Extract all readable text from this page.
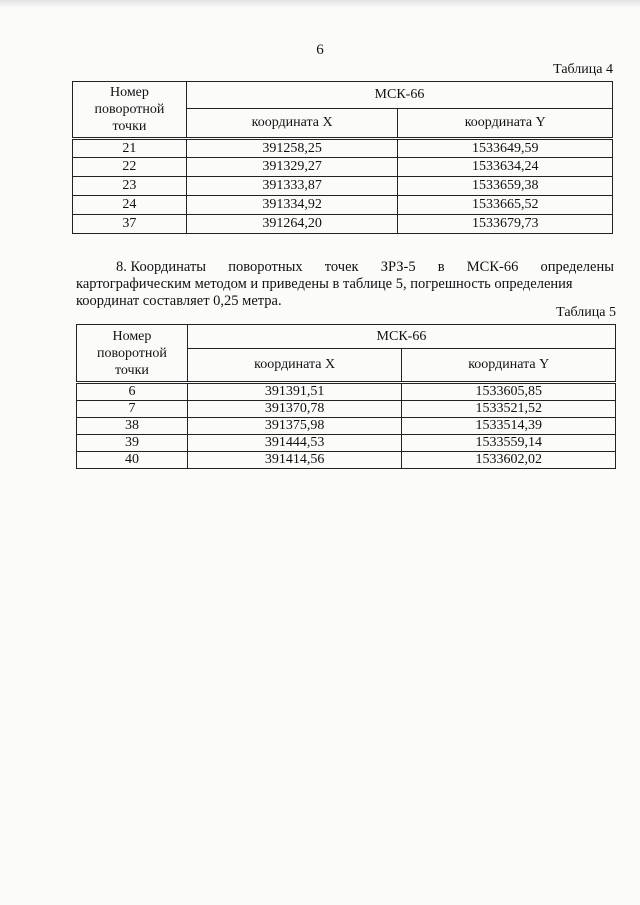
6
Таблица 4
Номер
поворотной
точки	МСК-66	
	координата X	координата Y
21	391258,25	1533649,59
22	391329,27	1533634,24
23	391333,87	1533659,38
24	391334,92	1533665,52
37	391264,20	1533679,73
8. Координаты поворотных точек ЗРЗ-5 в МСК-66 определены
картографическим методом и приведены в таблице 5, погрешность определения
координат составляет 0,25 метра.
Таблица 5
Номер
поворотной
точки	МСК-66	
	координата X	координата Y
6	391391,51	1533605,85
7	391370,78	1533521,52
38	391375,98	1533514,39
39	391444,53	1533559,14
40	391414,56	1533602,02
